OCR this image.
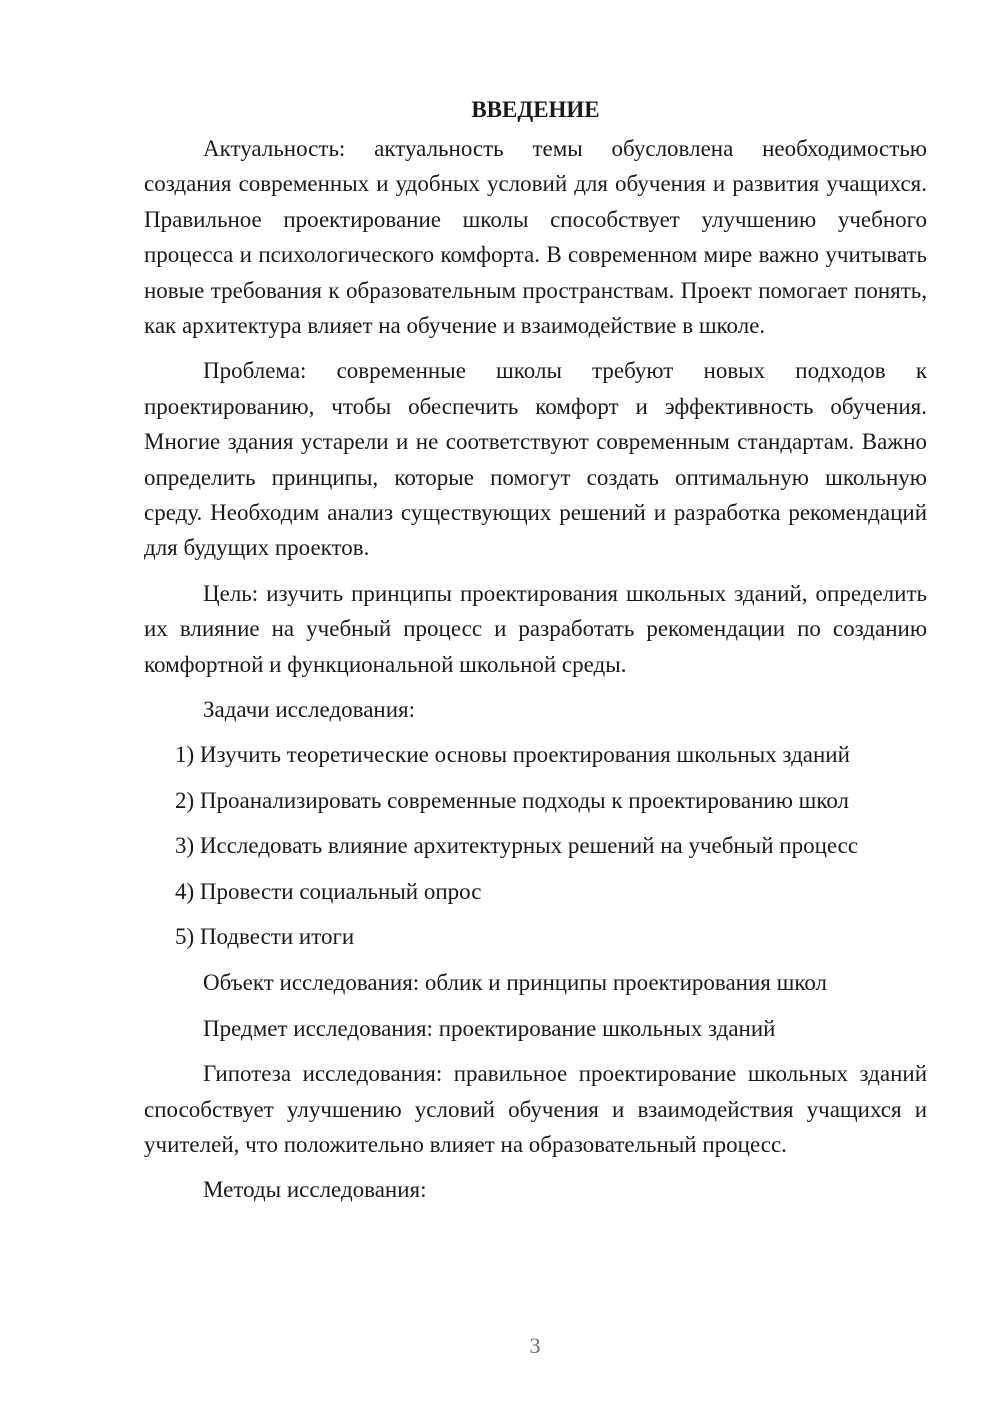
ВВЕДЕНИЕ

Актуальность: актуальность темы обусловлена необходимостью создания современных и удобных условий для обучения и развития учащихся. Правильное проектирование школы способствует улучшению учебного процесса и психологического комфорта. В современном мире важно учитывать новые требования к образовательным пространствам. Проект помогает понять, как архитектура влияет на обучение и взаимодействие в школе.

Проблема: современные школы требуют новых подходов к проектированию, чтобы обеспечить комфорт и эффективность обучения. Многие здания устарели и не соответствуют современным стандартам. Важно определить принципы, которые помогут создать оптимальную школьную среду. Необходим анализ существующих решений и разработка рекомендаций для будущих проектов.

Цель: изучить принципы проектирования школьных зданий, определить их влияние на учебный процесс и разработать рекомендации по созданию комфортной и функциональной школьной среды.

Задачи исследования:
1) Изучить теоретические основы проектирования школьных зданий
2) Проанализировать современные подходы к проектированию школ
3) Исследовать влияние архитектурных решений на учебный процесс
4) Провести социальный опрос
5) Подвести итоги
Объект исследования: облик и принципы проектирования школ
Предмет исследования: проектирование школьных зданий

Гипотеза исследования: правильное проектирование школьных зданий способствует улучшению условий обучения и взаимодействия учащихся и учителей, что положительно влияет на образовательный процесс.

Методы исследования:
3
